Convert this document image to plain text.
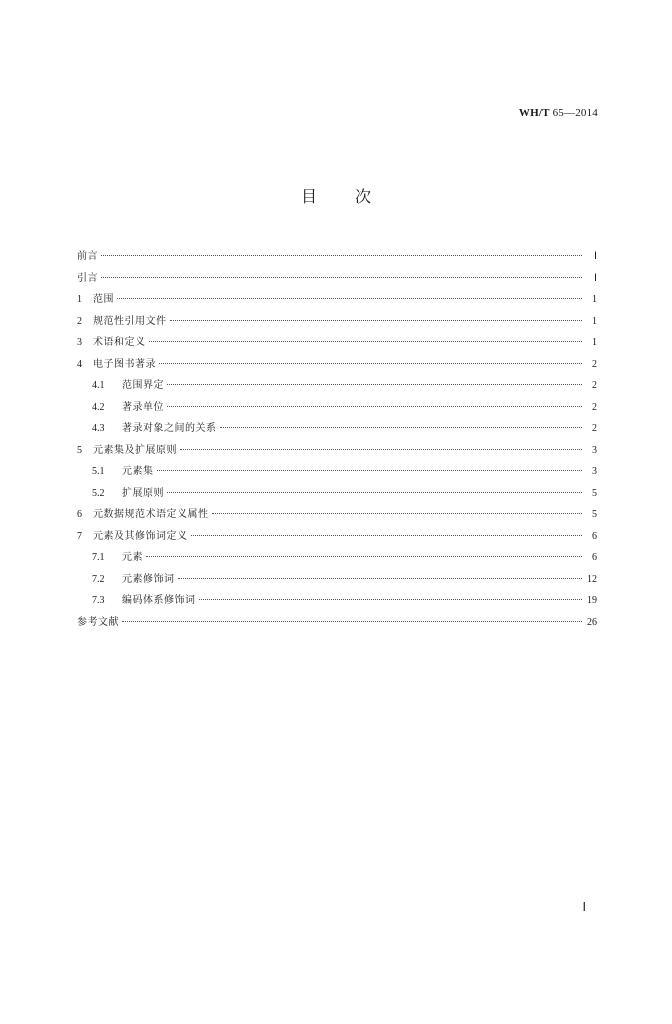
WH/T 65—2014
目次
前言	Ⅰ
引言	Ⅰ
1	范围	1
2	规范性引用文件	1
3	术语和定义	1
4	电子图书著录	2
4.1	范围界定	2
4.2	著录单位	2
4.3	著录对象之间的关系	2
5	元素集及扩展原则	3
5.1	元素集	3
5.2	扩展原则	5
6	元数据规范术语定义属性	5
7	元素及其修饰词定义	6
7.1	元素	6
7.2	元素修饰词	12
7.3	编码体系修饰词	19
参考文献	26
Ⅰ
